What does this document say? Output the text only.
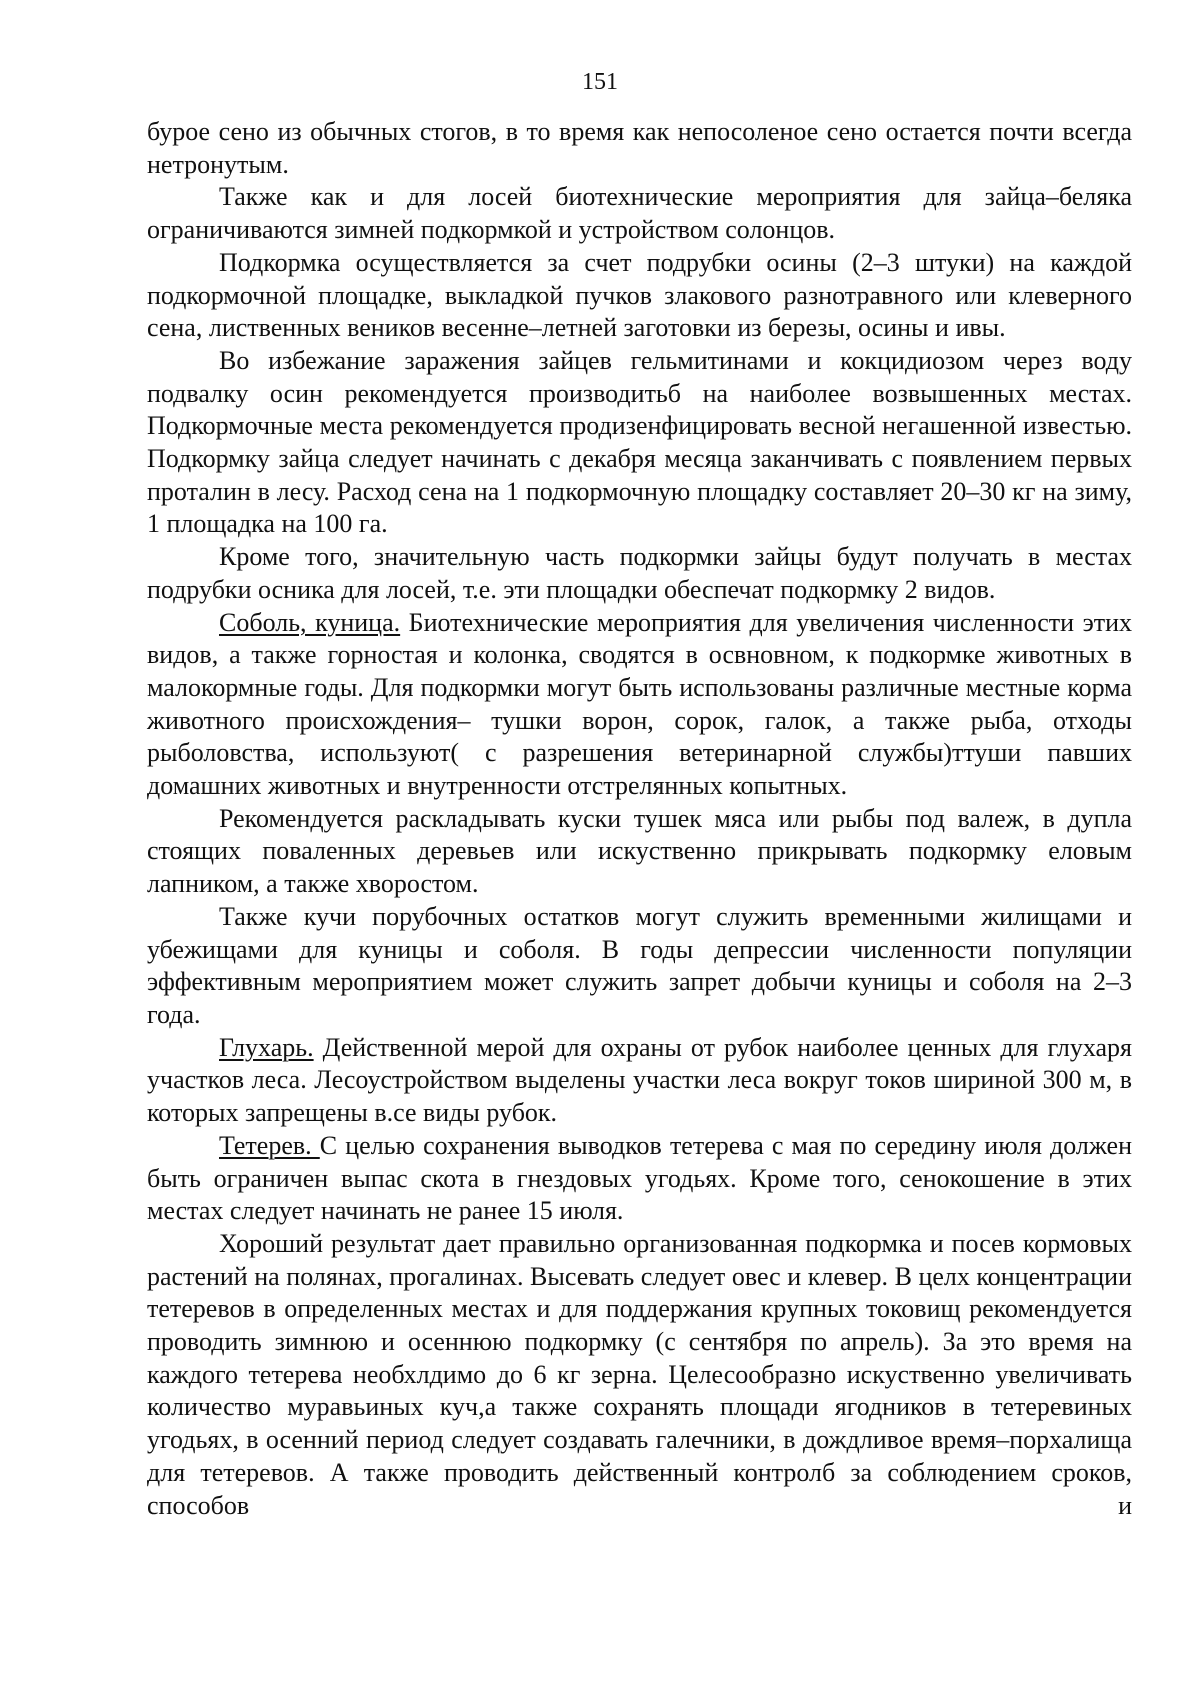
151

бурое сено из обычных стогов, в то время как непосоленое сено остается почти всегда нетронутым.

Также как и для лосей биотехнические мероприятия для зайца–беляка ограничиваются зимней подкормкой и устройством солонцов.

Подкормка осуществляется за счет подрубки осины (2–3 штуки) на каждой подкормочной площадке, выкладкой пучков злакового разнотравного или клеверного сена, лиственных веников весенне–летней заготовки из березы, осины и ивы.

Во избежание заражения зайцев гельмитинами и кокцидиозом через воду подвалку осин рекомендуется производитьб на наиболее возвышенных местах. Подкормочные места рекомендуется продизенфицировать весной негашенной известью. Подкормку зайца следует начинать с декабря месяца заканчивать с появлением первых проталин в лесу. Расход сена на 1 подкормочную площадку составляет 20–30 кг на зиму, 1 площадка на 100 га.

Кроме того, значительную часть подкормки зайцы будут получать в местах подрубки осника для лосей, т.е. эти площадки обеспечат подкормку 2 видов.

Соболь, куница. Биотехнические мероприятия для увеличения численности этих видов, а также горностая и колонка, сводятся в освновном, к подкормке животных в малокормные годы. Для подкормки могут быть использованы различные местные корма животного происхождения– тушки ворон, сорок, галок, а также рыба, отходы рыболовства, используют( с разрешения ветеринарной службы)ттуши павших домашних животных и внутренности отстрелянных копытных.

Рекомендуется раскладывать куски тушек мяса или рыбы под валеж, в дупла стоящих поваленных деревьев или искуственно прикрывать подкормку еловым лапником, а также хворостом.

Также кучи порубочных остатков могут служить временными жилищами и убежищами для куницы и соболя. В годы депрессии численности популяции эффективным мероприятием может служить запрет добычи куницы и соболя на 2–3 года.

Глухарь. Действенной мерой для охраны от рубок наиболее ценных для глухаря участков леса. Лесоустройством выделены участки леса вокруг токов шириной 300 м, в которых запрещены в.се виды рубок.

Тетерев. С целью сохранения выводков тетерева с мая по середину июля должен быть ограничен выпас скота в гнездовых угодьях. Кроме того, сенокошение в этих местах следует начинать не ранее 15 июля.

Хороший результат дает правильно организованная подкормка и посев кормовых растений на полянах, прогалинах. Высевать следует овес и клевер. В целх концентрации тетеревов в определенных местах и для поддержания крупных токовищ рекомендуется проводить зимнюю и осеннюю подкормку (с сентября по апрель). За это время на каждого тетерева необхлдимо до 6 кг зерна. Целесообразно искуственно увеличивать количество муравьиных куч,а также сохранять площади ягодников в тетеревиных угодьях, в осенний период следует создавать галечники, в дождливое время–порхалища для тетеревов. А также проводить действенный контролб за соблюдением сроков, способов и
